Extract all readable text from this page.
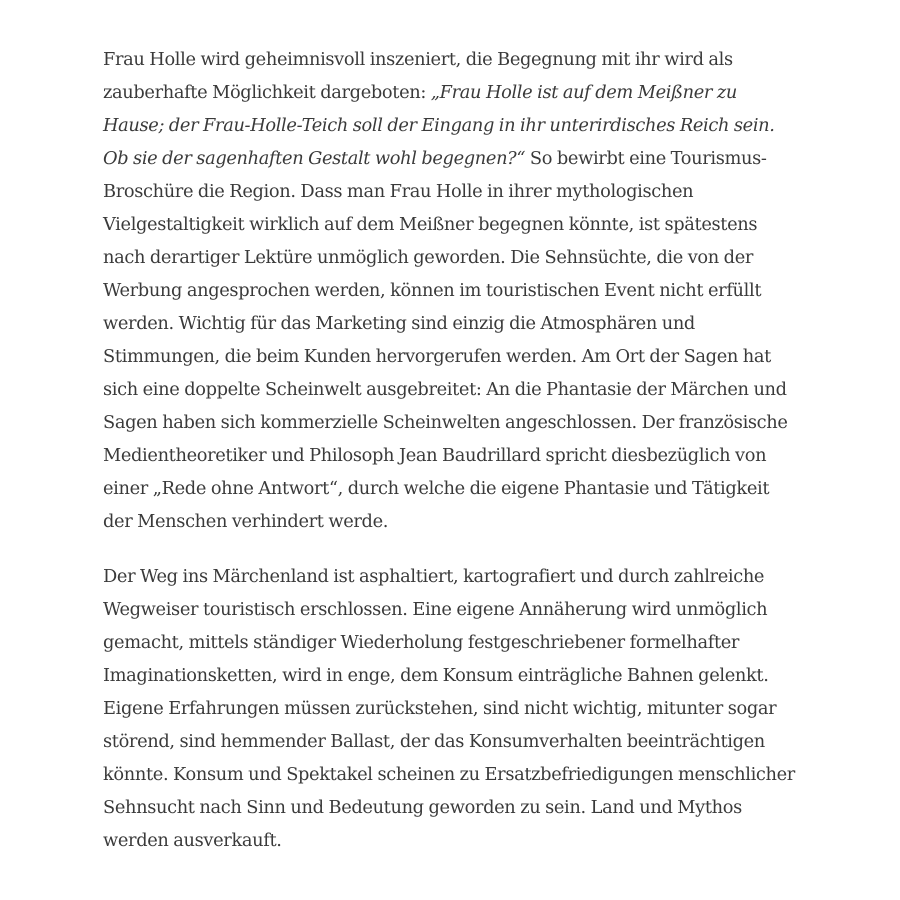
Frau Holle wird geheimnisvoll inszeniert, die Begegnung mit ihr wird als zauberhafte Möglichkeit dargeboten: „Frau Holle ist auf dem Meißner zu Hause; der Frau-Holle-Teich soll der Eingang in ihr unterirdisches Reich sein. Ob sie der sagenhaften Gestalt wohl begegnen?“ So bewirbt eine Tourismus-Broschüre die Region. Dass man Frau Holle in ihrer mythologischen Vielgestaltigkeit wirklich auf dem Meißner begegnen könnte, ist spätestens nach derartiger Lektüre unmöglich geworden. Die Sehnsüchte, die von der Werbung angesprochen werden, können im touristischen Event nicht erfüllt werden. Wichtig für das Marketing sind einzig die Atmosphären und Stimmungen, die beim Kunden hervorgerufen werden. Am Ort der Sagen hat sich eine doppelte Scheinwelt ausgebreitet: An die Phantasie der Märchen und Sagen haben sich kommerzielle Scheinwelten angeschlossen. Der französische Medientheoretiker und Philosoph Jean Baudrillard spricht diesbezüglich von einer „Rede ohne Antwort“, durch welche die eigene Phantasie und Tätigkeit der Menschen verhindert werde.

Der Weg ins Märchenland ist asphaltiert, kartografiert und durch zahlreiche Wegweiser touristisch erschlossen. Eine eigene Annäherung wird unmöglich gemacht, mittels ständiger Wiederholung festgeschriebener formelhafter Imaginationsketten, wird in enge, dem Konsum einträgliche Bahnen gelenkt. Eigene Erfahrungen müssen zurückstehen, sind nicht wichtig, mitunter sogar störend, sind hemmender Ballast, der das Konsumverhalten beeinträchtigen könnte. Konsum und Spektakel scheinen zu Ersatzbefriedigungen menschlicher Sehnsucht nach Sinn und Bedeutung geworden zu sein. Land und Mythos werden ausverkauft.
